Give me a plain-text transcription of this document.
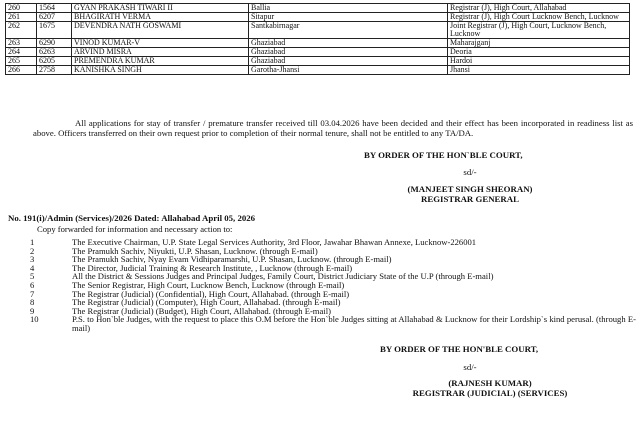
260	1564	GYAN PRAKASH TIWARI II	Ballia	Registrar (J), High Court, Allahabad
261	6207	BHAGIRATH VERMA	Sitapur	Registrar (J), High Court Lucknow Bench, Lucknow
262	1675	DEVENDRA NATH GOSWAMI	Santkabirnagar	Joint Registrar (J), High Court, Lucknow Bench, Lucknow
263	6290	VINOD KUMAR-V	Ghaziabad	Maharajganj
264	6263	ARVIND MISRA	Ghaziabad	Deoria
265	6205	PREMENDRA KUMAR	Ghaziabad	Hardoi
266	2758	KANISHKA SINGH	Garotha-Jhansi	Jhansi
All applications for stay of transfer / premature transfer received till 03.04.2026 have been decided and their effect has been incorporated in readiness list as above. Officers transferred on their own request prior to completion of their normal tenure, shall not be entitled to any TA/DA.
BY ORDER OF THE HON`BLE COURT,
sd/-
(MANJEET SINGH SHEORAN)
REGISTRAR GENERAL
No. 191(i)/Admin (Services)/2026 Dated: Allahabad April 05, 2026
Copy forwarded for information and necessary action to:
1	The Executive Chairman, U.P. State Legal Services Authority, 3rd Floor, Jawahar Bhawan Annexe, Lucknow-226001
2	The Pramukh Sachiv, Niyukti, U.P. Shasan, Lucknow. (through E-mail)
3	The Pramukh Sachiv, Nyay Evam Vidhiparamarshi, U.P. Shasan, Lucknow. (through E-mail)
4	The Director, Judicial Training & Research Institute, , Lucknow (through E-mail)
5	All the District & Sessions Judges and Principal Judges, Family Court, District Judiciary State of the U.P (through E-mail)
6	The Senior Registrar, High Court, Lucknow Bench, Lucknow (through E-mail)
7	The Registrar (Judicial) (Confidential), High Court, Allahabad. (through E-mail)
8	The Registrar (Judicial) (Computer), High Court, Allahabad. (through E-mail)
9	The Registrar (Judicial) (Budget), High Court, Allahabad. (through E-mail)
10	P.S. to Hon`ble Judges, with the request to place this O.M before the Hon`ble Judges sitting at Allahabad & Lucknow for their Lordship`s kind perusal. (through E-mail)
BY ORDER OF THE HON'BLE COURT,
sd/-
(RAJNESH KUMAR)
REGISTRAR (JUDICIAL) (SERVICES)
